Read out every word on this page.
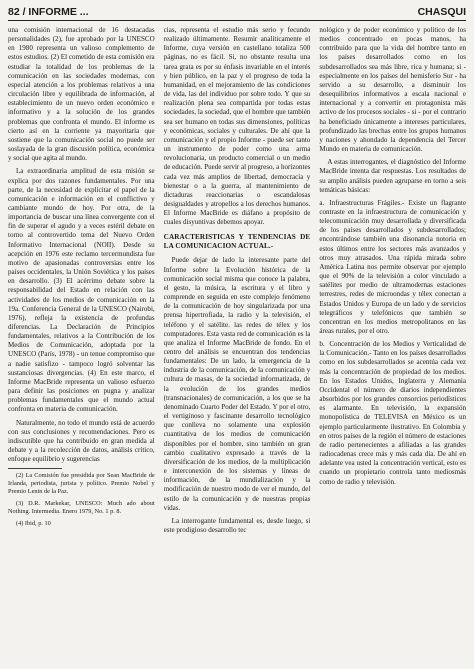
82 / INFORME ...	CHASQUI

una comisión internacional de 16 destacadas personalidades (2), fue aprobado por la UNESCO en 1980 representa un valioso complemento de estos estudios. (2) El cometido de esta comisión era estudiar la totalidad de los problemas de la comunicación en las sociedades modernas, con especial atención a los problemas relativos a una circulación libre y equilibrada de información, al establecimiento de un nuevo orden económico e informativo y a la solución de los grandes problemas que confronta el mundo. El informe es cierto así en la corriente ya mayoritaria que sostiene que la comunicación social no puede ser soslayada de la gran discusión política, económica y social que agita al mundo.

La extraordinaria amplitud de esta misión se explica por dos razones fundamentales. Por una parte, de la necesidad de explicitar el papel de la comunicación e información en el conflictivo y cambiante mundo de hoy. Por otra, de la importancia de buscar una línea convergente con el fin de superar el agudo y a veces estéril debate en torno al controvertido tema del Nuevo Orden Informativo Internacional (NOII). Desde su acepción en 1976 este reclamo tercermundista fue motivo de apasionadas controversias entre los países occidentales, la Unión Soviética y los países en desarrollo. (3) El acérrimo debate sobre la responsabilidad del Estado en relación con las actividades de los medios de comunicación en la 19a. Conferencia General de la UNESCO (Nairobi, 1976), refleja la existencia de profundas diferencias. La Declaración de Principios fundamentales, relativos a la Contribución de los Medios de Comunicación, adoptada por la UNESCO (París, 1978) - un tenue compromiso que a nadie satisfizo - tampoco logró solventar las sustanciosas divergencias. (4) En este marco, el Informe MacBride representa un valioso esfuerzo para definir las posiciones en pugna y analizar problemas fundamentales que el mundo actual confronta en materia de comunicación.

Naturalmente, no todo el mundo está de acuerdo con sus conclusiones y recomendaciones. Pero es indiscutible que ha contribuido en gran medida al debate y a la recolección de datos, análisis crítico, enfoque equilibrio y sugerencias

(2) La Comisión fue presidida por Sean MacBride de Irlanda, periodista, jurista y político. Premio Nobel y Premio Lenin de la Paz.

(3) D.R. Markekar, UNESCO: Much ado about Nothing. Intermedia. Enero 1979, No. 1 p. 8.

(4) Ibid, p. 10

cias, representa el estudio más serio y fecundo realizado últimamente. Resumir analíticamente el Informe, cuya versión en castellano totaliza 500 páginas, no es fácil. Si, no obstante resulta una tarea grata es por su énfasis invariable en el interés y bien público, en la paz y el progreso de toda la humanidad, en el mejoramiento de las condiciones de vida, las del individuo por sobre todo. Y que su realización plena sea compartida por todas estas sociedades, la sociedad, que el hombre que también sea ser humano en todas sus dimensiones, políticas y económicas, sociales y culturales. De ahí que la comunicación y el propio Informe - puede ser tanto un instrumento de poder como una arma revolucionaria, un producto comercial o un medio de educación. Puede servir al progreso, a horizontes cada vez más amplios de libertad, democracia y bienestar o a la guerra, al mantenimiento de dictaduras reaccionarias o escandalosas desigualdades y atropellos a los derechos humanos. El Informe MacBride es diáfano a propósito de cuales disyuntivas debemos apoyar.

CARACTERISTICAS Y TENDENCIAS DE LA COMUNICACION ACTUAL.-

Puede dejar de lado la interesante parte del Informe sobre la Evolución histórica de la comunicación social misma que conoce la palabra, el gesto, la música, la escritura y el libro y comprende en seguida en este complejo fenómeno de la comunicación de hoy singularizada por una prensa hipertrofiada, la radio y la televisión, el teléfono y el satélite. las redes de télex y los computadores. Esta vasta red de comunicación es la que analiza el Informe MacBride de fondo. En el centro del análisis se encuentran dos tendencias fundamentales: De un lado, la emergencia de la industria de la comunicación, de la comunicación y cultura de masas, de la sociedad informatizada, de la evolución de los grandes medios (transnacionales) de comunicación, a los que se ha denominado Cuarto Poder del Estado. Y por el otro, el vertiginoso y fascinante desarrollo tecnológico que conlleva no solamente una explosión cuantitativa de los medios de comunicación disponibles por el hombre, sino también un gran cambio cualitativo expresado a través de la diversificación de los medios, de la multiplicación e interconexión de los sistemas y líneas de información, de la mundialización y la modificación de nuestro modo de ver el mundo, del estilo de la comunicación y de nuestras propias vidas.

La interrogante fundamental es, desde luego, si este prodigioso desarrollo tec

nológico y de poder económico y político de los medios concentrado en pocas manos, ha contribuido para que la vida del hombre tanto en los países desarrollados como en los subdesarrollados sea más libre, rica y humana; si - especialmente en los países del hemisferio Sur - ha servido a su desarrollo, a disminuir los desequilibrios informativos a escala nacional e internacional y a convertir en protagonista más activo de los procesos sociales - si - por el contrario ha beneficiado únicamente a intereses particulares, profundizado las brechas entre los grupos humanos y naciones y ahondado la dependencia del Tercer Mundo en materia de comunicación.

A estas interrogantes, el diagnóstico del Informe MacBride intenta dar respuestas. Los resultados de su amplio análisis pueden agruparse en torno a seis temáticas básicas:

a. Infraestructuras Frágiles.- Existe un flagrante contraste en la infraestructura de comunicación y telecomunicación muy desarrollada y diversificada de los países desarrollados y subdesarrollados; encontrándose también una disonancia notoria en estos últimos entre los sectores más avanzados y otros muy atrasados. Una rápida mirada sobre América Latina nos permite observar por ejemplo que el 90% de la televisión a color vinculado a satélites por medio de ultramodernas estaciones terrestres, redes de microondas y télex conectan a Estados Unidos y Europa de un lado y de servicios telegráficos y telefónicos que también se concentran en los medios metropolitanos en las áreas rurales, por el otro.
b. Concentración de los Medios y Verticalidad de la Comunicación.- Tanto en los países desarrollados como en los subdesarrollados se acentúa cada vez más la concentración de propiedad de los medios. En los Estados Unidos, Inglaterra y Alemania Occidental el número de diarios independientes absorbidos por los grandes consorcios periodísticos es alarmante. En televisión, la expansión monopolística de TELEVISA en México es un ejemplo particularmente ilustrativo. En Colombia y en otros países de la región el número de estaciones de radio pertenecientes a afiliadas a las grandes radiocadenas crece más y más cada día. De ahí en adelante vea usted la concentración vertical, esto es cuando un propietario controla tanto mediosmás como de radio y televisión.
